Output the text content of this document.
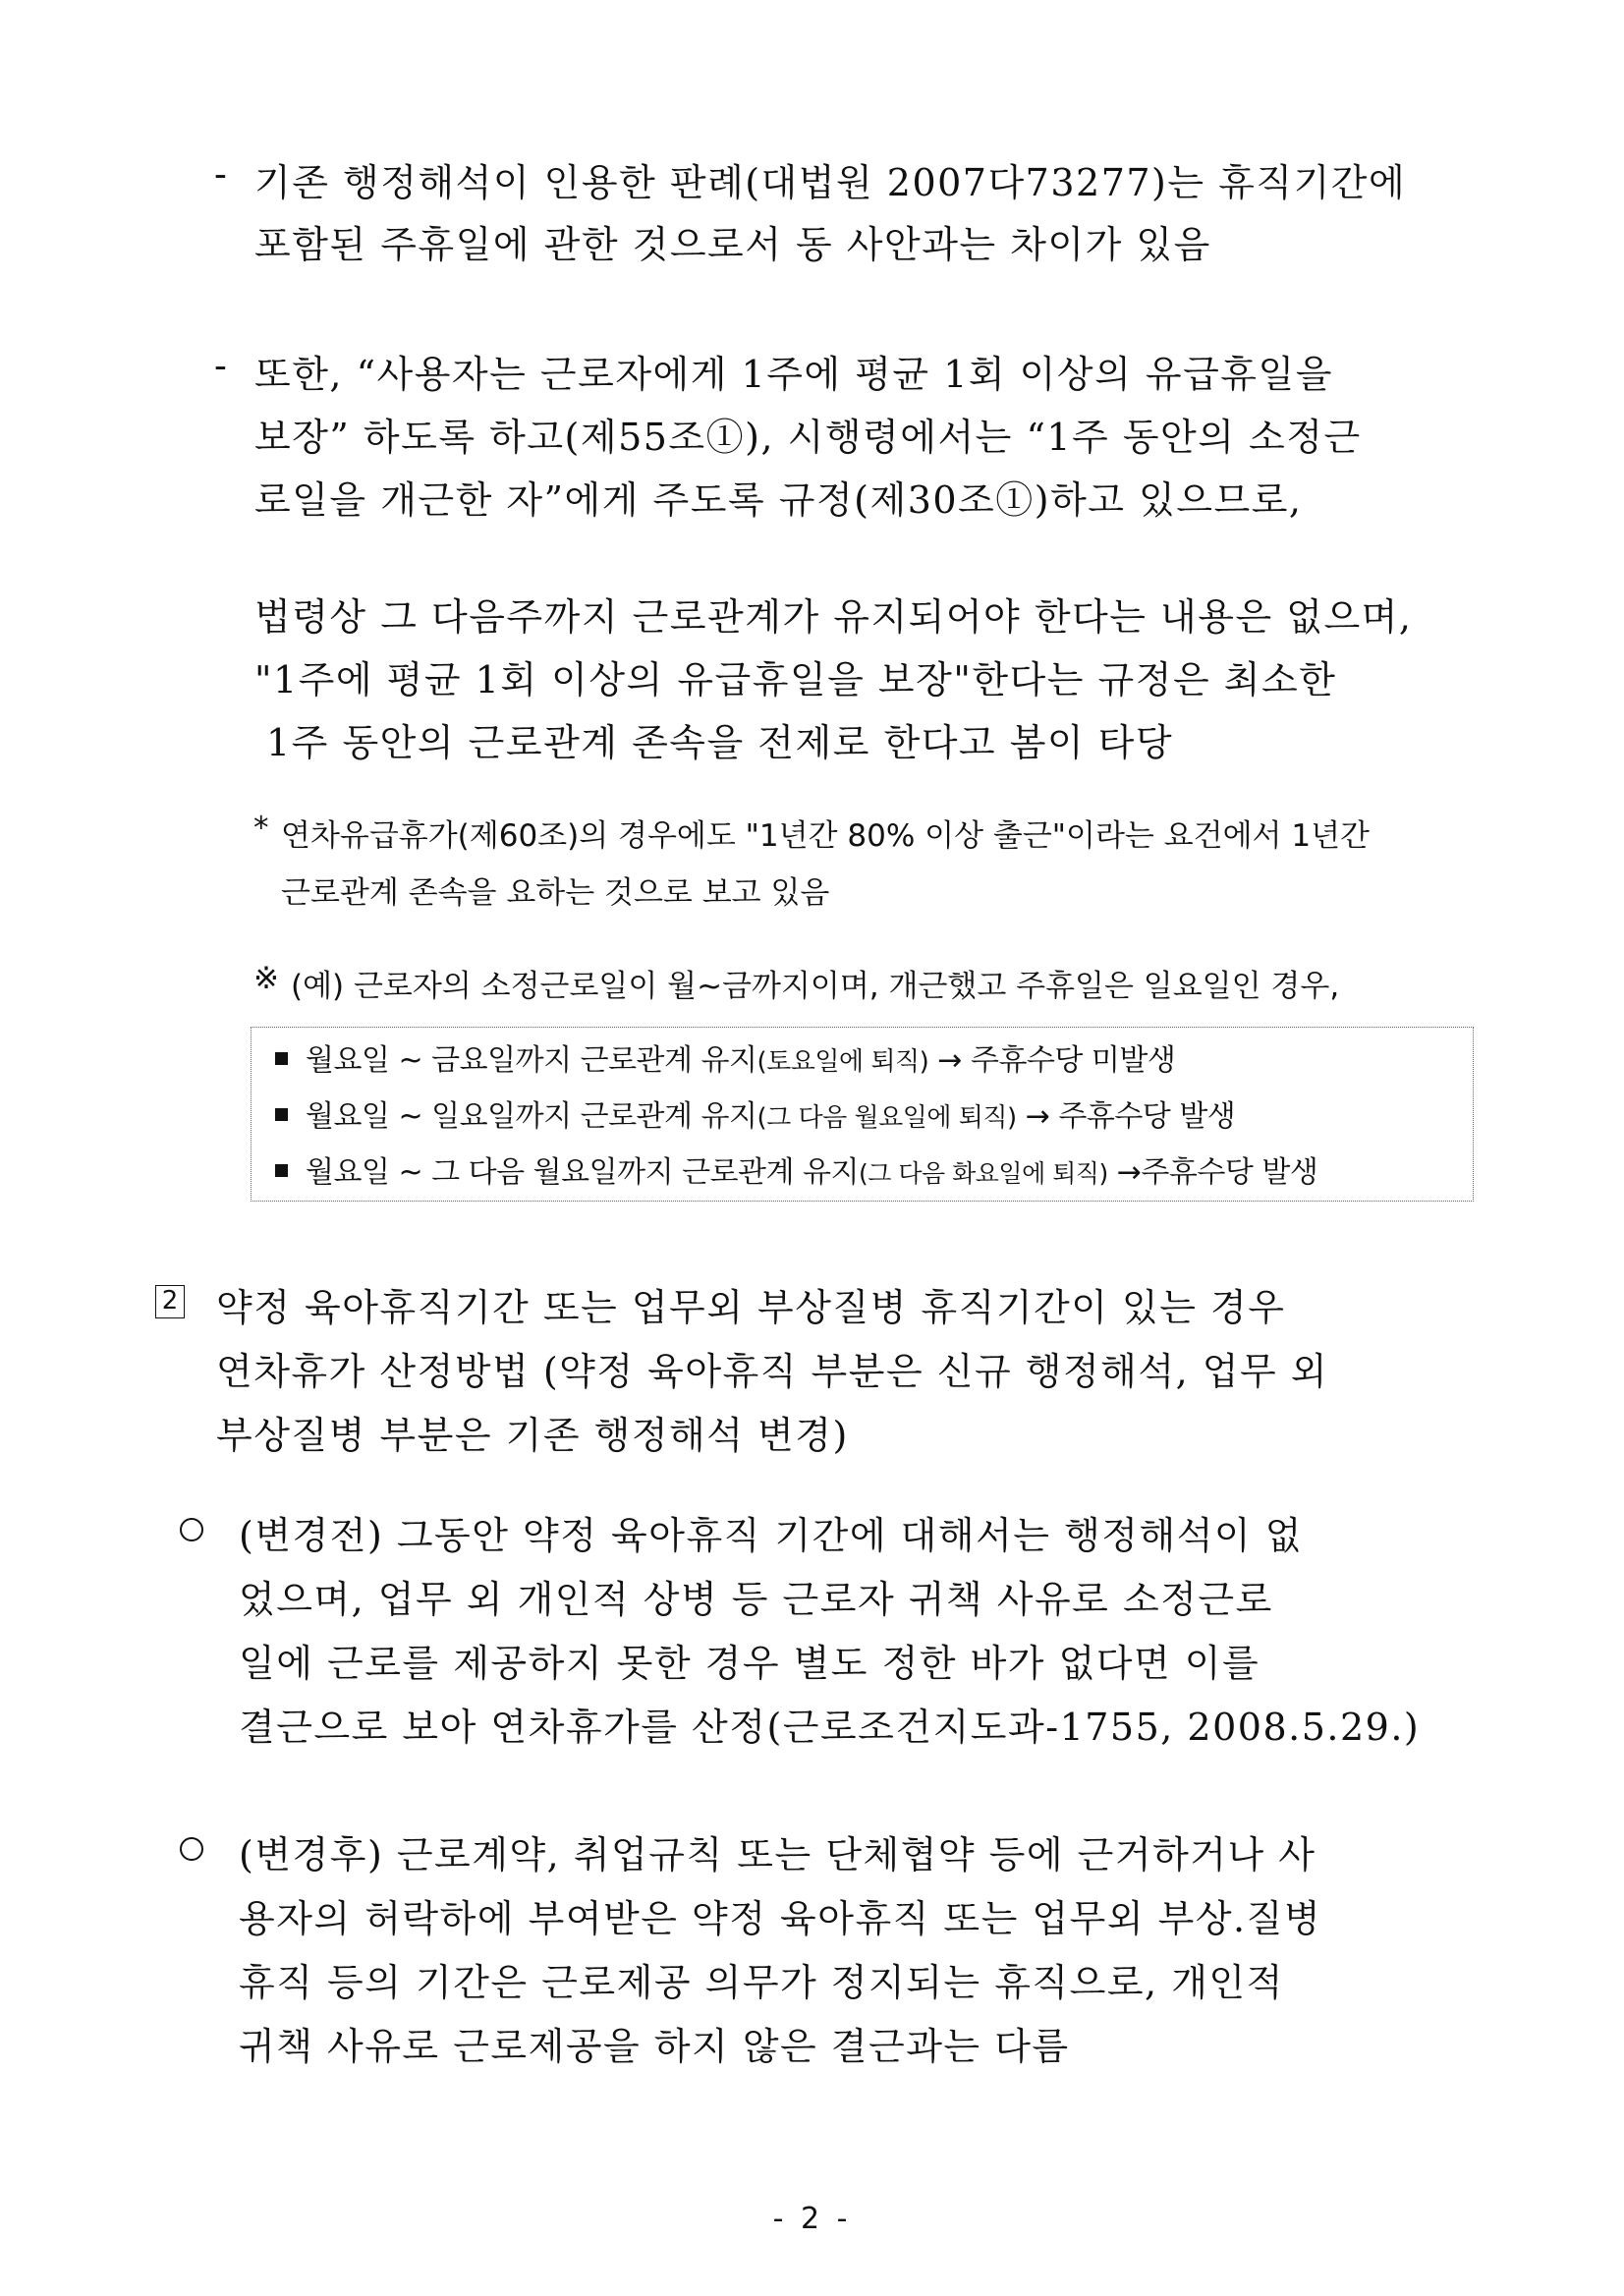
- 기존 행정해석이 인용한 판례(대법원 2007다73277)는 휴직기간에
포함된 주휴일에 관한 것으로서 동 사안과는 차이가 있음
- 또한, “사용자는 근로자에게 1주에 평균 1회 이상의 유급휴일을
보장” 하도록 하고(제55조①), 시행령에서는 “1주 동안의 소정근
로일을 개근한 자”에게 주도록 규정(제30조①)하고 있으므로,
법령상 그 다음주까지 근로관계가 유지되어야 한다는 내용은 없으며,
"1주에 평균 1회 이상의 유급휴일을 보장"한다는 규정은 최소한
1주 동안의 근로관계 존속을 전제로 한다고 봄이 타당
* 연차유급휴가(제60조)의 경우에도 "1년간 80% 이상 출근"이라는 요건에서 1년간
근로관계 존속을 요하는 것으로 보고 있음
※ (예) 근로자의 소정근로일이 월~금까지이며, 개근했고 주휴일은 일요일인 경우,
월요일 ~ 금요일까지 근로관계 유지(토요일에 퇴직) → 주휴수당 미발생
월요일 ~ 일요일까지 근로관계 유지(그 다음 월요일에 퇴직) → 주휴수당 발생
월요일 ~ 그 다음 월요일까지 근로관계 유지(그 다음 화요일에 퇴직) →주휴수당 발생
2 약정 육아휴직기간 또는 업무외 부상질병 휴직기간이 있는 경우
연차휴가 산정방법 (약정 육아휴직 부분은 신규 행정해석, 업무 외
부상질병 부분은 기존 행정해석 변경)
(변경전) 그동안 약정 육아휴직 기간에 대해서는 행정해석이 없
었으며, 업무 외 개인적 상병 등 근로자 귀책 사유로 소정근로
일에 근로를 제공하지 못한 경우 별도 정한 바가 없다면 이를
결근으로 보아 연차휴가를 산정(근로조건지도과-1755, 2008.5.29.)
(변경후) 근로계약, 취업규칙 또는 단체협약 등에 근거하거나 사
용자의 허락하에 부여받은 약정 육아휴직 또는 업무외 부상.질병
휴직 등의 기간은 근로제공 의무가 정지되는 휴직으로, 개인적
귀책 사유로 근로제공을 하지 않은 결근과는 다름
- 2 -
